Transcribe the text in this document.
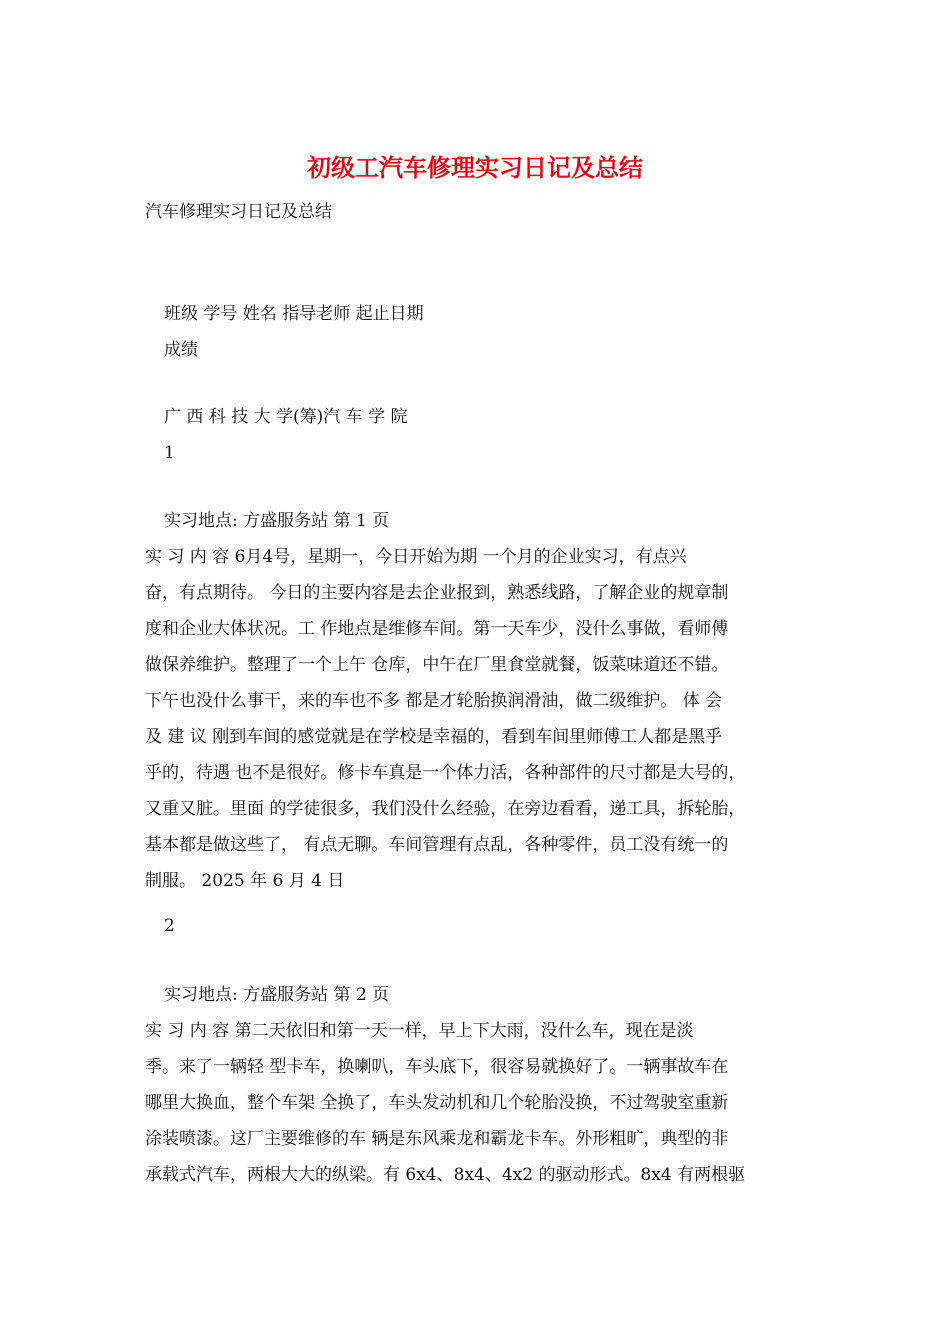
初级工汽车修理实习日记及总结
汽车修理实习日记及总结
班级 学号 姓名 指导老师 起止日期
成绩
广 西 科 技 大 学(筹)汽 车 学 院
1
实习地点: 方盛服务站 第 1 页
实 习 内 容 6月4号，星期一，今日开始为期 一个月的企业实习，有点兴
奋，有点期待。 今日的主要内容是去企业报到，熟悉线路，了解企业的规章制
度和企业大体状况。工 作地点是维修车间。第一天车少，没什么事做，看师傅
做保养维护。整理了一个上午 仓库，中午在厂里食堂就餐，饭菜味道还不错。
下午也没什么事干，来的车也不多 都是才轮胎换润滑油，做二级维护。 体 会
及 建 议 刚到车间的感觉就是在学校是幸福的，看到车间里师傅工人都是黑乎
乎的，待遇 也不是很好。修卡车真是一个体力活，各种部件的尺寸都是大号的，
又重又脏。里面 的学徒很多，我们没什么经验，在旁边看看，递工具，拆轮胎，
基本都是做这些了， 有点无聊。车间管理有点乱，各种零件，员工没有统一的
制服。 2025 年 6 月 4 日
2
实习地点: 方盛服务站 第 2 页
实 习 内 容 第二天依旧和第一天一样，早上下大雨，没什么车，现在是淡
季。来了一辆轻 型卡车，换喇叭，车头底下，很容易就换好了。一辆事故车在
哪里大换血，整个车架 全换了，车头发动机和几个轮胎没换，不过驾驶室重新
涂装喷漆。这厂主要维修的车 辆是东风乘龙和霸龙卡车。外形粗旷，典型的非
承载式汽车，两根大大的纵梁。有 6x4、8x4、4x2 的驱动形式。8x4 有两根驱
